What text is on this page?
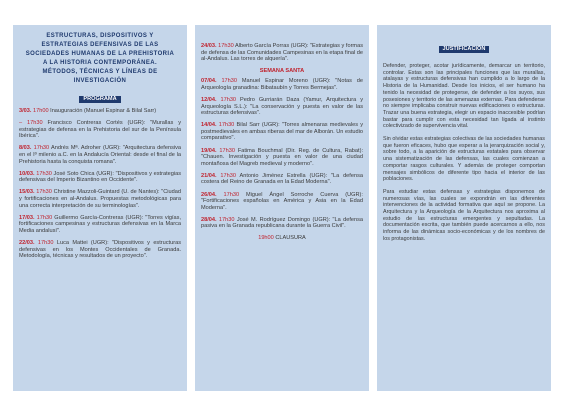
ESTRUCTURAS, DISPOSITIVOS Y
ESTRATEGIAS DEFENSIVAS DE LAS
SOCIEDADES HUMANAS DE LA PREHISTORIA
A LA HISTORIA CONTEMPORÁNEA.
MÉTODOS, TÉCNICAS Y LÍNEAS DE
INVESTIGACIÓN
PROGRAMA
3/03. 17h00 Inauguración (Manuel Espinar & Bilal Sarr)
– 17h30 Francisco Contreras Cortés (UGR): "Murallas y estrategias de defensa en la Prehistoria del sur de la Península Ibérica".
8/03. 17h30 Andrés Mª. Adroher (UGR): "Arquitectura defensiva en el Iº milenio a.C. en la Andalucía Oriental: desde el final de la Prehistoria hasta la conquista romana".
10/03. 17h30 José Soto Chica (UGR): "Dispositivos y estrategias defensivas del Imperio Bizantino en Occidente".
15/03. 17h30 Christine Mazzoli-Guintard (U. de Nantes): "Ciudad y fortificaciones en al-Andalus. Propuestas metodológicas para una correcta interpretación de su terminologías".
17/03. 17h30 Guillermo García-Contreras (UGR): "Torres vigías, fortificaciones campesinas y estructuras defensivas en la Marca Media andalusí".
22/03. 17h30 Luca Mattei (UGR): "Dispositivos y estructuras defensivas en los Montes Occidentales de Granada. Metodología, técnicas y resultados de un proyecto".
24/03. 17h30 Alberto García Porras (UGR): "Estrategias y formas de defensa de las Comunidades Campesinas en la etapa final de al-Andalus. Las torres de alquería".
SEMANA SANTA
07/04. 17h30 Manuel Espinar Moreno (UGR): "Notas de Arqueología granadina: Bibataubín y Torres Bermejas".
12/04. 17h30 Pedro Gurriarán Daza (Yamur, Arquitectura y Arqueología S.L.): "La conservación y puesta en valor de las estructuras defensivas".
14/04. 17h30 Bilal Sarr (UGR): "Torres almenaras medievales y postmedievales en ambas riberas del mar de Alborán. Un estudio comparativo".
19/04. 17h30 Fatima Bouchmal (Dir. Reg. de Cultura, Rabat): "Chauen. Investigación y puesta en valor de una ciudad montañosa del Magreb medieval y moderno".
21/04. 17h30 Antonio Jiménez Estrella (UGR): "La defensa costera del Reino de Granada en la Edad Moderna".
26/04. 17h30 Miguel Ángel Sorroche Cuerva (UGR): "Fortificaciones españolas en América y Asia en la Edad Moderna".
28/04. 17h30 José M. Rodríguez Domingo (UGR): "La defensa pasiva en la Granada republicana durante la Guerra Civil".
19h00 CLAUSURA
JUSTIFICACIÓN
Defender, proteger, acotar jurídicamente, demarcar un territorio, controlar. Estas son las principales funciones que las murallas, atalayas y estructuras defensivas han cumplido a lo largo de la Historia de la Humanidad. Desde los inicios, el ser humano ha tenido la necesidad de protegerse, de defender a los suyos, sus posesiones y territorio de las amenazas externas. Para defenderse no siempre implicaba construir nuevas edificaciones o estructuras. Trazar una buena estrategia, elegir un espacio inaccesible podrían bastar para cumplir con esta necesidad tan ligada al instinto colectivizado de supervivencia vital.
Sin olvidar estas estrategias colectivas de las sociedades humanas que fueron eficaces, hubo que esperar a la jerarquización social y, sobre todo, a la aparición de estructuras estatales para observar una sistematización de las defensas, las cuales comienzan a comportar rasgos culturales. Y además de proteger comportan mensajes simbólicos de diferente tipo hacia el interior de las poblaciones.
Para estudiar estas defensas y estrategias disponemos de numerosas vías, las cuales se expondrán en las diferentes intervenciones de la actividad formativa que aquí se propone. La Arquitectura y la Arqueología de la Arquitectura nos aproxima al estudio de las estructuras emergentes y sepultadas. La documentación escrita, que también puede acercarnos a ello, nos informa de las dinámicas socio-económicas y de los nombres de los protagonistas.
